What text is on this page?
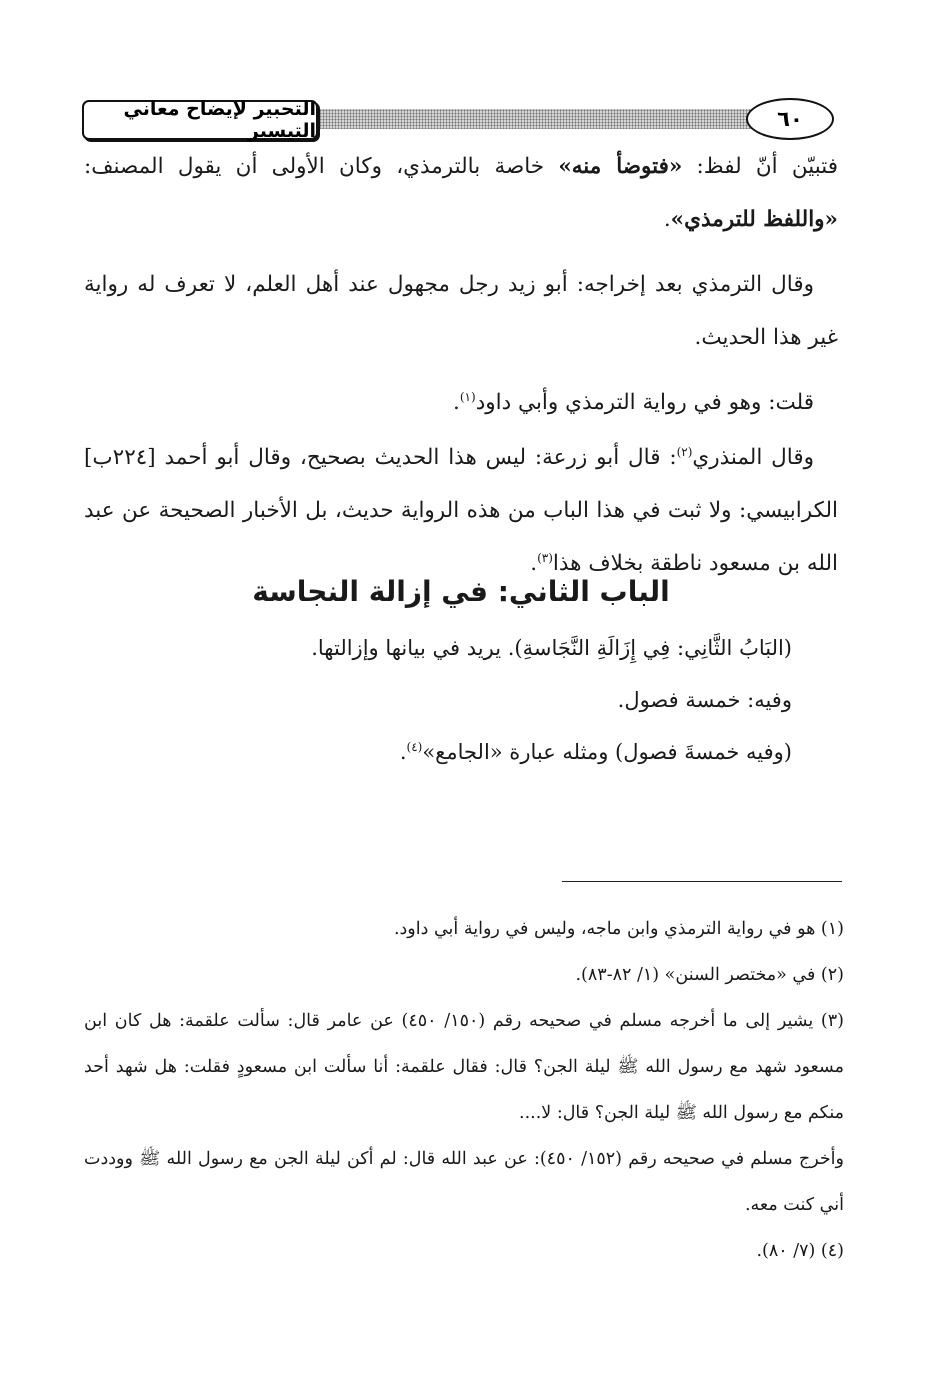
التحبير لإيضاح معاني التيسير	٦٠

فتبيّن أنّ لفظ: «فتوضأ منه» خاصة بالترمذي، وكان الأولى أن يقول المصنف: «واللفظ للترمذي».

وقال الترمذي بعد إخراجه: أبو زيد رجل مجهول عند أهل العلم، لا تعرف له رواية غير هذا الحديث.

قلت: وهو في رواية الترمذي وأبي داود$^{(١)}$.

وقال المنذري$^{(٢)}$: قال أبو زرعة: ليس هذا الحديث بصحيح، وقال أبو أحمد [٢٢٤ب] الكرابيسي: ولا ثبت في هذا الباب من هذه الرواية حديث، بل الأخبار الصحيحة عن عبد الله بن مسعود ناطقة بخلاف هذا$^{(٣)}$.

الباب الثاني: في إزالة النجاسة

(البَابُ الثَّانِي: فِي إِزَالَةِ النَّجَاسةِ). يريد في بيانها وإزالتها.

وفيه: خمسة فصول.

(وفيه خمسةَ فصول) ومثله عبارة «الجامع»$^{(٤)}$.

(١) هو في رواية الترمذي وابن ماجه، وليس في رواية أبي داود.

(٢) في «مختصر السنن» (١/ ٨٢-٨٣).

(٣) يشير إلى ما أخرجه مسلم في صحيحه رقم (١٥٠/ ٤٥٠) عن عامر قال: سألت علقمة: هل كان ابن مسعود شهد مع رسول الله ﷺ ليلة الجن؟ قال: فقال علقمة: أنا سألت ابن مسعودٍ فقلت: هل شهد أحد منكم مع رسول الله ﷺ ليلة الجن؟ قال: لا....

وأخرج مسلم في صحيحه رقم (١٥٢/ ٤٥٠): عن عبد الله قال: لم أكن ليلة الجن مع رسول الله ﷺ ووددت أني كنت معه.

(٤) (٧/ ٨٠).
